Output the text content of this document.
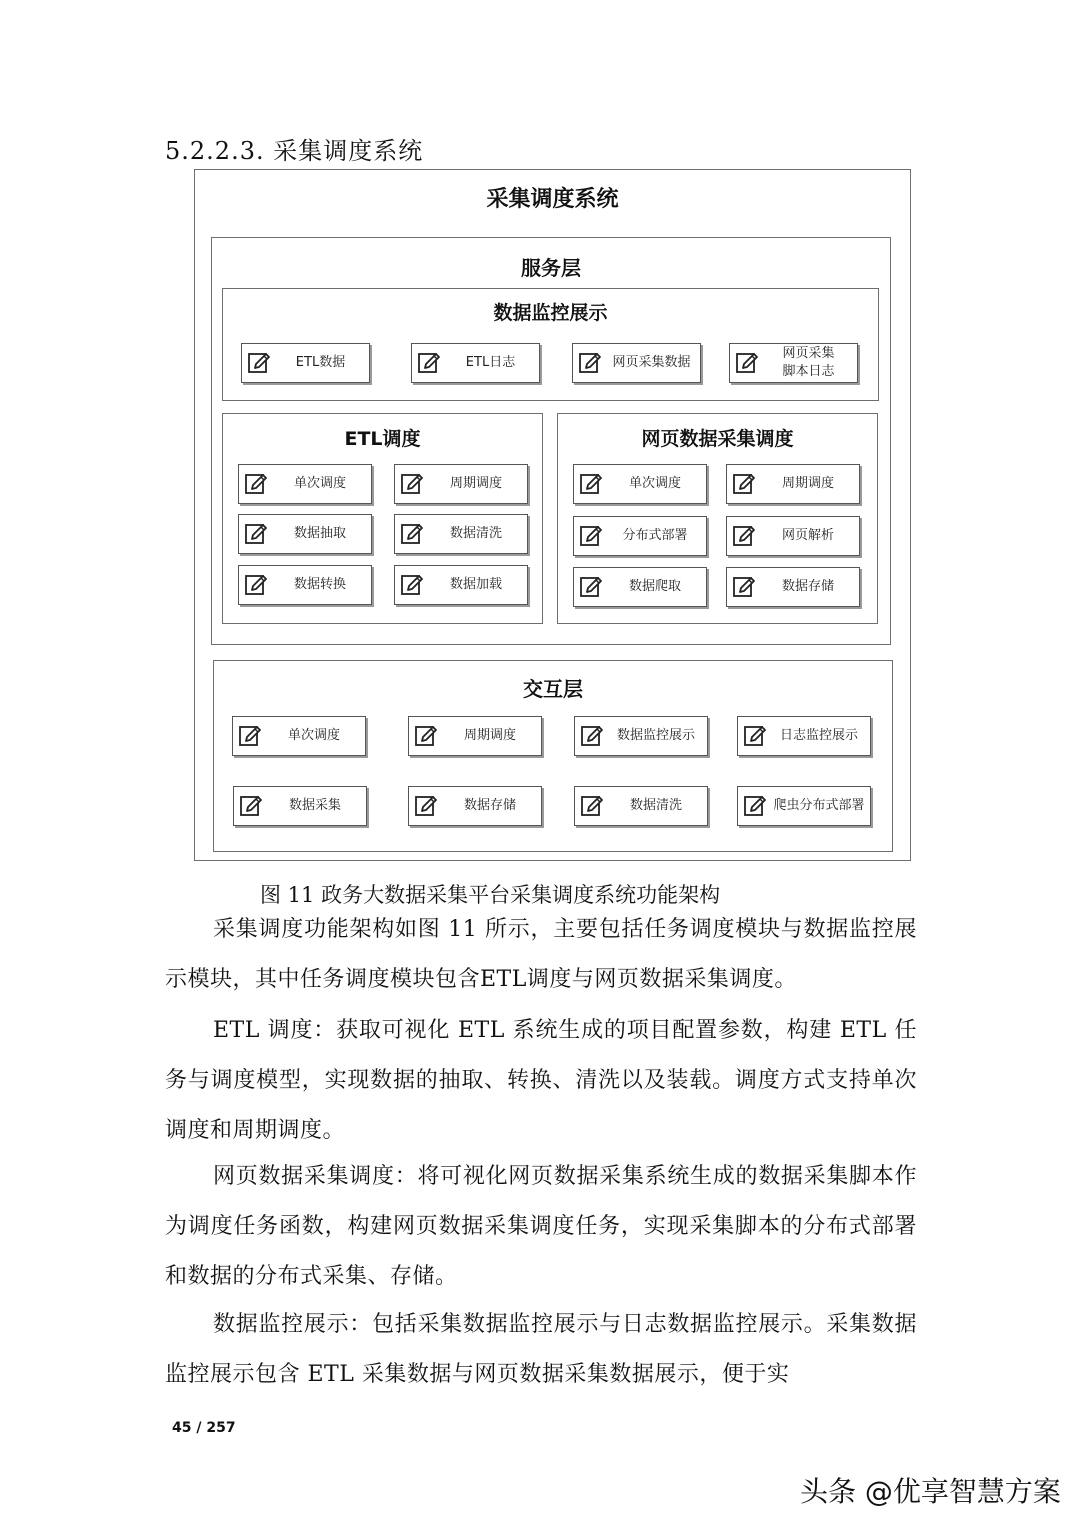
5.2.2.3. 采集调度系统
采集调度系统
服务层
数据监控展示
ETL调度	网页数据采集调度
交互层
ETL数据	ETL日志	网页采集数据
网页采集
脚本日志
单次调度	周期调度
数据抽取	数据清洗
数据转换	数据加载
单次调度	周期调度
分布式部署	网页解析
数据爬取	数据存储
单次调度	周期调度	数据监控展示	日志监控展示
数据采集	数据存储	数据清洗	爬虫分布式部署
图 11 政务大数据采集平台采集调度系统功能架构

采集调度功能架构如图 11 所示，主要包括任务调度模块与数据监控展示模块，其中任务调度模块包含ETL调度与网页数据采集调度。

ETL 调度：获取可视化 ETL 系统生成的项目配置参数，构建 ETL 任务与调度模型，实现数据的抽取、转换、清洗以及装载。调度方式支持单次调度和周期调度。

网页数据采集调度：将可视化网页数据采集系统生成的数据采集脚本作为调度任务函数，构建网页数据采集调度任务，实现采集脚本的分布式部署和数据的分布式采集、存储。

数据监控展示：包括采集数据监控展示与日志数据监控展示。采集数据监控展示包含 ETL 采集数据与网页数据采集数据展示，便于实

45 / 257
头条 @优享智慧方案
